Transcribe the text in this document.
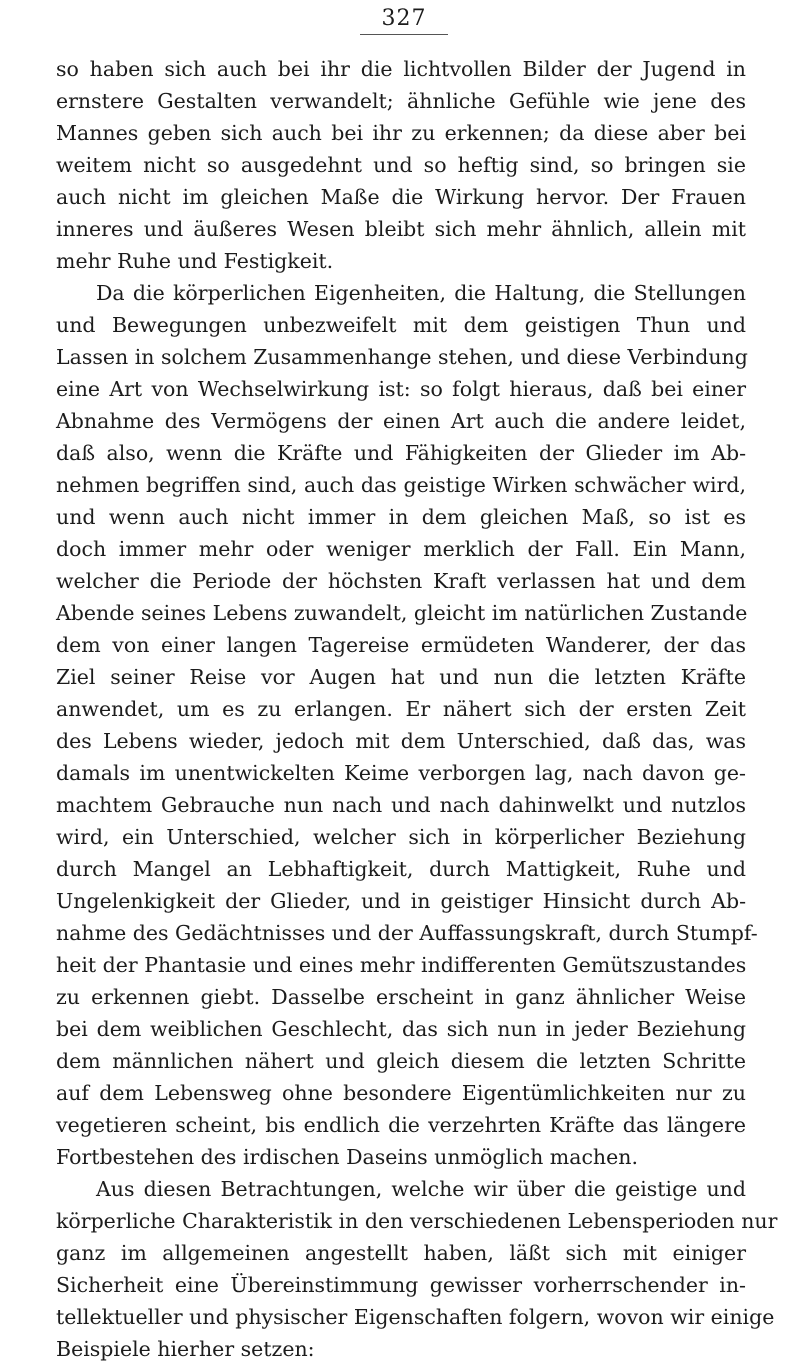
327
so haben sich auch bei ihr die lichtvollen Bilder der Jugend in
ernstere Gestalten verwandelt; ähnliche Gefühle wie jene des
Mannes geben sich auch bei ihr zu erkennen; da diese aber bei
weitem nicht so ausgedehnt und so heftig sind, so bringen sie
auch nicht im gleichen Maße die Wirkung hervor. Der Frauen
inneres und äußeres Wesen bleibt sich mehr ähnlich, allein mit
mehr Ruhe und Festigkeit.
Da die körperlichen Eigenheiten, die Haltung, die Stellungen
und Bewegungen unbezweifelt mit dem geistigen Thun und
Lassen in solchem Zusammenhange stehen, und diese Verbindung
eine Art von Wechselwirkung ist: so folgt hieraus, daß bei einer
Abnahme des Vermögens der einen Art auch die andere leidet,
daß also, wenn die Kräfte und Fähigkeiten der Glieder im Ab-
nehmen begriffen sind, auch das geistige Wirken schwächer wird,
und wenn auch nicht immer in dem gleichen Maß, so ist es
doch immer mehr oder weniger merklich der Fall. Ein Mann,
welcher die Periode der höchsten Kraft verlassen hat und dem
Abende seines Lebens zuwandelt, gleicht im natürlichen Zustande
dem von einer langen Tagereise ermüdeten Wanderer, der das
Ziel seiner Reise vor Augen hat und nun die letzten Kräfte
anwendet, um es zu erlangen. Er nähert sich der ersten Zeit
des Lebens wieder, jedoch mit dem Unterschied, daß das, was
damals im unentwickelten Keime verborgen lag, nach davon ge-
machtem Gebrauche nun nach und nach dahinwelkt und nutzlos
wird, ein Unterschied, welcher sich in körperlicher Beziehung
durch Mangel an Lebhaftigkeit, durch Mattigkeit, Ruhe und
Ungelenkigkeit der Glieder, und in geistiger Hinsicht durch Ab-
nahme des Gedächtnisses und der Auffassungskraft, durch Stumpf-
heit der Phantasie und eines mehr indifferenten Gemütszustandes
zu erkennen giebt. Dasselbe erscheint in ganz ähnlicher Weise
bei dem weiblichen Geschlecht, das sich nun in jeder Beziehung
dem männlichen nähert und gleich diesem die letzten Schritte
auf dem Lebensweg ohne besondere Eigentümlichkeiten nur zu
vegetieren scheint, bis endlich die verzehrten Kräfte das längere
Fortbestehen des irdischen Daseins unmöglich machen.
Aus diesen Betrachtungen, welche wir über die geistige und
körperliche Charakteristik in den verschiedenen Lebensperioden nur
ganz im allgemeinen angestellt haben, läßt sich mit einiger
Sicherheit eine Übereinstimmung gewisser vorherrschender in-
tellektueller und physischer Eigenschaften folgern, wovon wir einige
Beispiele hierher setzen:
